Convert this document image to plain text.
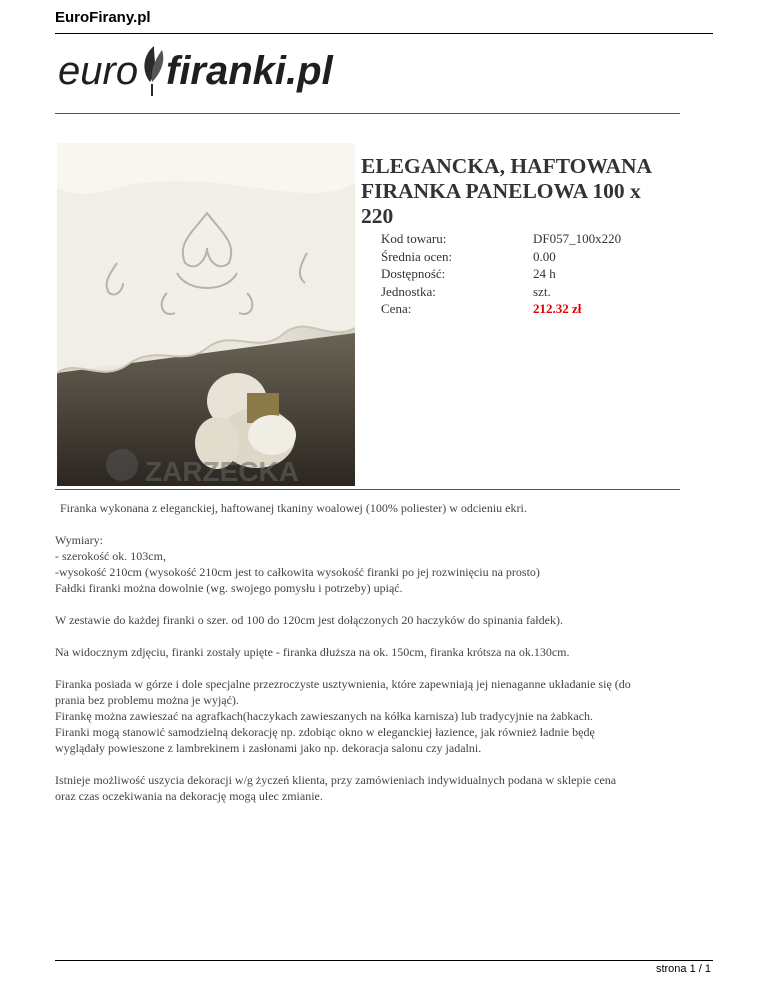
EuroFirany.pl
euro firanki.pl
ZARZECKA
ELEGANCKA, HAFTOWANA FIRANKA PANELOWA 100 x 220
Kod towaru:	DF057_100x220
Średnia ocen:	0.00
Dostępność:	24 h
Jednostka:	szt.
Cena:	212.32 zł

Firanka wykonana z eleganckiej, haftowanej tkaniny woalowej (100% poliester) w odcieniu ekri.

Wymiary:
- szerokość ok. 103cm,
-wysokość 210cm (wysokość 210cm jest to całkowita wysokość firanki po jej rozwinięciu na prosto)
Fałdki firanki można dowolnie (wg. swojego pomysłu i potrzeby) upiąć.

W zestawie do każdej firanki o szer. od 100 do 120cm jest dołączonych 20 haczyków do spinania fałdek).

Na widocznym zdjęciu, firanki zostały upięte - firanka dłuższa na ok. 150cm, firanka krótsza na ok.130cm.

Firanka posiada w górze i dole specjalne przezroczyste usztywnienia, które zapewniają jej nienaganne układanie się (do
prania bez problemu można je wyjąć).
Firankę można zawieszać na agrafkach(haczykach zawieszanych na kółka karnisza) lub tradycyjnie na żabkach.
Firanki mogą stanowić samodzielną dekorację np. zdobiąc okno w eleganckiej łazience, jak również ładnie będę
wyglądały powieszone z lambrekinem i zasłonami jako np. dekoracja salonu czy jadalni.

Istnieje możliwość uszycia dekoracji w/g życzeń klienta, przy zamówieniach indywidualnych podana w sklepie cena
oraz czas oczekiwania na dekorację mogą ulec zmianie.

strona 1 / 1
